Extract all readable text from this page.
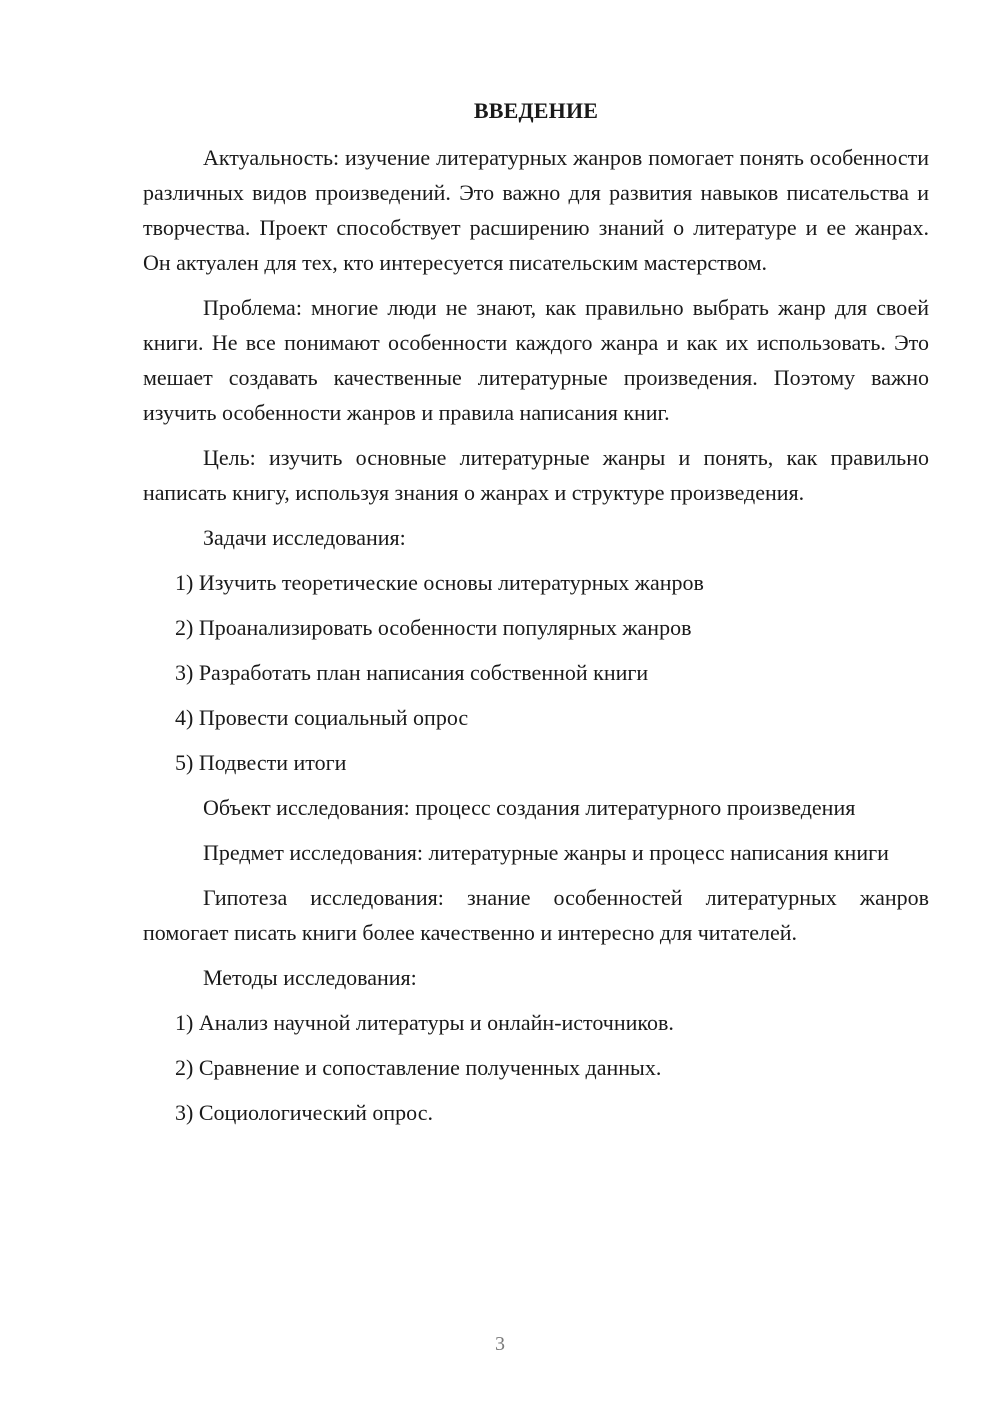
ВВЕДЕНИЕ

Актуальность: изучение литературных жанров помогает понять особенности различных видов произведений. Это важно для развития навыков писательства и творчества. Проект способствует расширению знаний о литературе и ее жанрах. Он актуален для тех, кто интересуется писательским мастерством.

Проблема: многие люди не знают, как правильно выбрать жанр для своей книги. Не все понимают особенности каждого жанра и как их использовать. Это мешает создавать качественные литературные произведения. Поэтому важно изучить особенности жанров и правила написания книг.

Цель: изучить основные литературные жанры и понять, как правильно написать книгу, используя знания о жанрах и структуре произведения.

Задачи исследования:

1) Изучить теоретические основы литературных жанров
2) Проанализировать особенности популярных жанров
3) Разработать план написания собственной книги
4) Провести социальный опрос
5) Подвести итоги

Объект исследования: процесс создания литературного произведения

Предмет исследования: литературные жанры и процесс написания книги

Гипотеза исследования: знание особенностей литературных жанров помогает писать книги более качественно и интересно для читателей.

Методы исследования:

1) Анализ научной литературы и онлайн-источников.
2) Сравнение и сопоставление полученных данных.
3) Социологический опрос.
3
